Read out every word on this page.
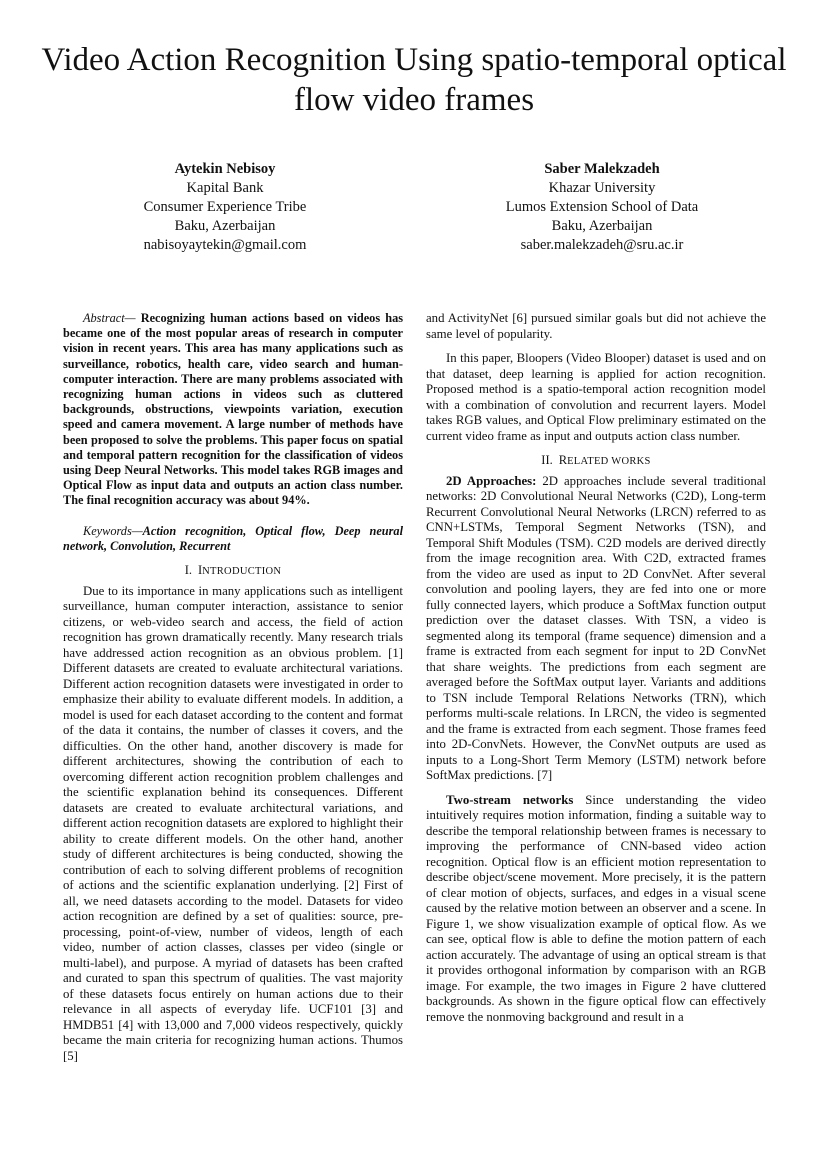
Video Action Recognition Using spatio-temporal optical flow video frames
Aytekin Nebisoy
Kapital Bank
Consumer Experience Tribe
Baku, Azerbaijan
nabisoyaytekin@gmail.com
Saber Malekzadeh
Khazar University
Lumos Extension School of Data
Baku, Azerbaijan
saber.malekzadeh@sru.ac.ir

Abstract— Recognizing human actions based on videos has became one of the most popular areas of research in computer vision in recent years. This area has many applications such as surveillance, robotics, health care, video search and human-computer interaction. There are many problems associated with recognizing human actions in videos such as cluttered backgrounds, obstructions, viewpoints variation, execution speed and camera movement. A large number of methods have been proposed to solve the problems. This paper focus on spatial and temporal pattern recognition for the classification of videos using Deep Neural Networks. This model takes RGB images and Optical Flow as input data and outputs an action class number. The final recognition accuracy was about 94%.

Keywords—Action recognition, Optical flow, Deep neural network, Convolution, Recurrent

I. INTRODUCTION

Due to its importance in many applications such as intelligent surveillance, human computer interaction, assistance to senior citizens, or web-video search and access, the field of action recognition has grown dramatically recently. Many research trials have addressed action recognition as an obvious problem. [1] Different datasets are created to evaluate architectural variations. Different action recognition datasets were investigated in order to emphasize their ability to evaluate different models. In addition, a model is used for each dataset according to the content and format of the data it contains, the number of classes it covers, and the difficulties. On the other hand, another discovery is made for different architectures, showing the contribution of each to overcoming different action recognition problem challenges and the scientific explanation behind its consequences. Different datasets are created to evaluate architectural variations, and different action recognition datasets are explored to highlight their ability to create different models. On the other hand, another study of different architectures is being conducted, showing the contribution of each to solving different problems of recognition of actions and the scientific explanation underlying. [2] First of all, we need datasets according to the model. Datasets for video action recognition are defined by a set of qualities: source, pre-processing, point-of-view, number of videos, length of each video, number of action classes, classes per video (single or multi-label), and purpose. A myriad of datasets has been crafted and curated to span this spectrum of qualities. The vast majority of these datasets focus entirely on human actions due to their relevance in all aspects of everyday life. UCF101 [3] and HMDB51 [4] with 13,000 and 7,000 videos respectively, quickly became the main criteria for recognizing human actions. Thumos [5]

and ActivityNet [6] pursued similar goals but did not achieve the same level of popularity.

In this paper, Bloopers (Video Blooper) dataset is used and on that dataset, deep learning is applied for action recognition. Proposed method is a spatio-temporal action recognition model with a combination of convolution and recurrent layers. Model takes RGB values, and Optical Flow preliminary estimated on the current video frame as input and outputs action class number.

II. RELATED WORKS

2D Approaches: 2D approaches include several traditional networks: 2D Convolutional Neural Networks (C2D), Long-term Recurrent Convolutional Neural Networks (LRCN) referred to as CNN+LSTMs, Temporal Segment Networks (TSN), and Temporal Shift Modules (TSM). C2D models are derived directly from the image recognition area. With C2D, extracted frames from the video are used as input to 2D ConvNet. After several convolution and pooling layers, they are fed into one or more fully connected layers, which produce a SoftMax function output prediction over the dataset classes. With TSN, a video is segmented along its temporal (frame sequence) dimension and a frame is extracted from each segment for input to 2D ConvNet that share weights. The predictions from each segment are averaged before the SoftMax output layer. Variants and additions to TSN include Temporal Relations Networks (TRN), which performs multi-scale relations. In LRCN, the video is segmented and the frame is extracted from each segment. Those frames feed into 2D-ConvNets. However, the ConvNet outputs are used as inputs to a Long-Short Term Memory (LSTM) network before SoftMax predictions. [7]

Two-stream networks Since understanding the video intuitively requires motion information, finding a suitable way to describe the temporal relationship between frames is necessary to improving the performance of CNN-based video action recognition. Optical flow is an efficient motion representation to describe object/scene movement. More precisely, it is the pattern of clear motion of objects, surfaces, and edges in a visual scene caused by the relative motion between an observer and a scene. In Figure 1, we show visualization example of optical flow. As we can see, optical flow is able to define the motion pattern of each action accurately. The advantage of using an optical stream is that it provides orthogonal information by comparison with an RGB image. For example, the two images in Figure 2 have cluttered backgrounds. As shown in the figure optical flow can effectively remove the nonmoving background and result in a
